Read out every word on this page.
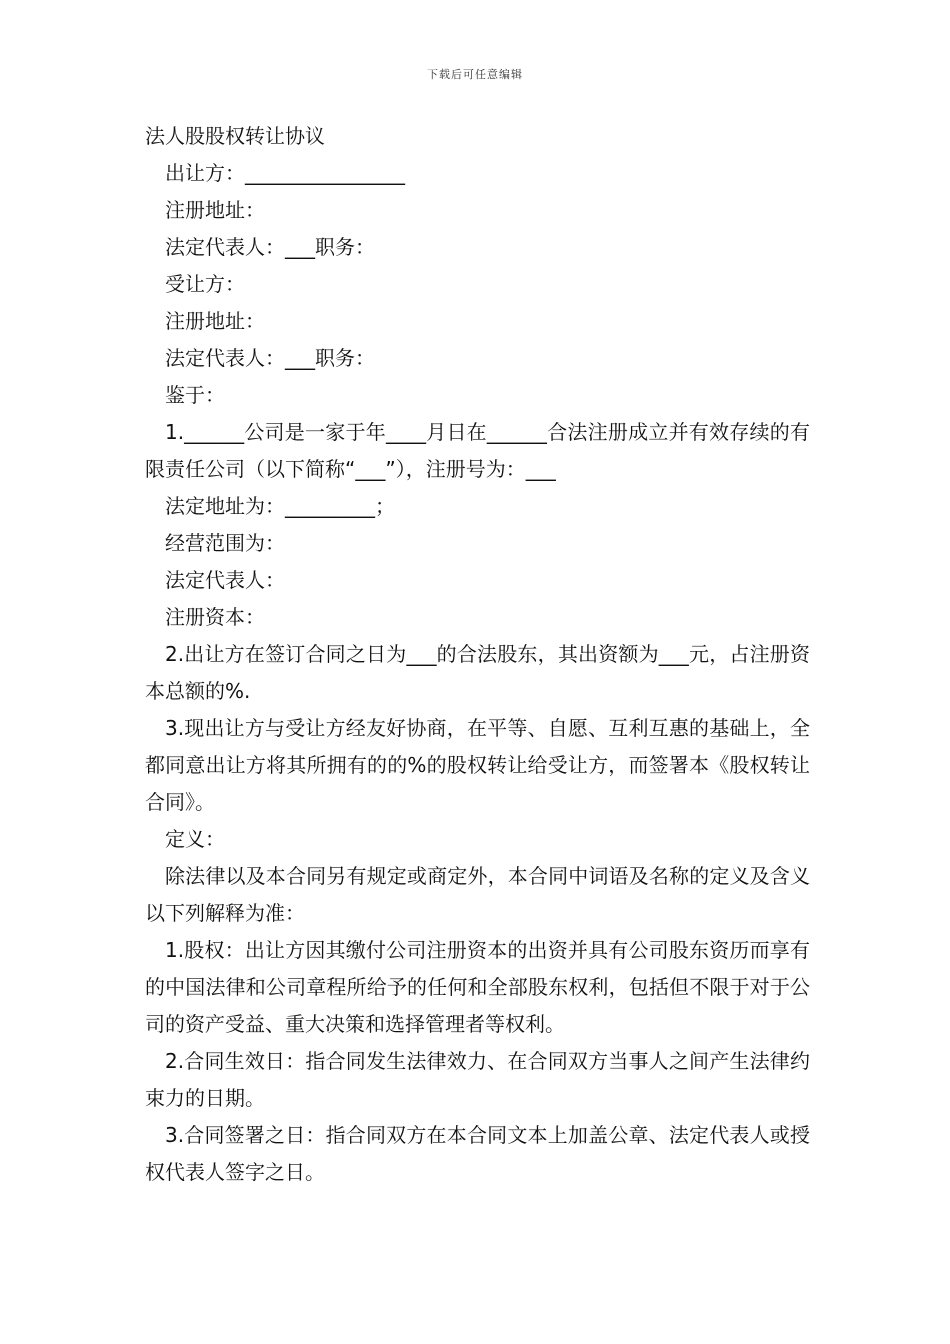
下载后可任意编辑
法人股股权转让协议

出让方：________________

注册地址：

法定代表人：___职务：

受让方：

注册地址：

法定代表人：___职务：

鉴于：

1.______公司是一家于年____月日在______合法注册成立并有效存续的有限责任公司（以下简称“___”），注册号为：___

法定地址为：_________；

经营范围为：

法定代表人：

注册资本：

2.出让方在签订合同之日为___的合法股东，其出资额为___元，占注册资本总额的%.

3.现出让方与受让方经友好协商，在平等、自愿、互利互惠的基础上，全都同意出让方将其所拥有的的%的股权转让给受让方，而签署本《股权转让合同》。

定义：

除法律以及本合同另有规定或商定外，本合同中词语及名称的定义及含义以下列解释为准：

1.股权：出让方因其缴付公司注册资本的出资并具有公司股东资历而享有的中国法律和公司章程所给予的任何和全部股东权利，包括但不限于对于公司的资产受益、重大决策和选择管理者等权利。

2.合同生效日：指合同发生法律效力、在合同双方当事人之间产生法律约束力的日期。

3.合同签署之日：指合同双方在本合同文本上加盖公章、法定代表人或授权代表人签字之日。
